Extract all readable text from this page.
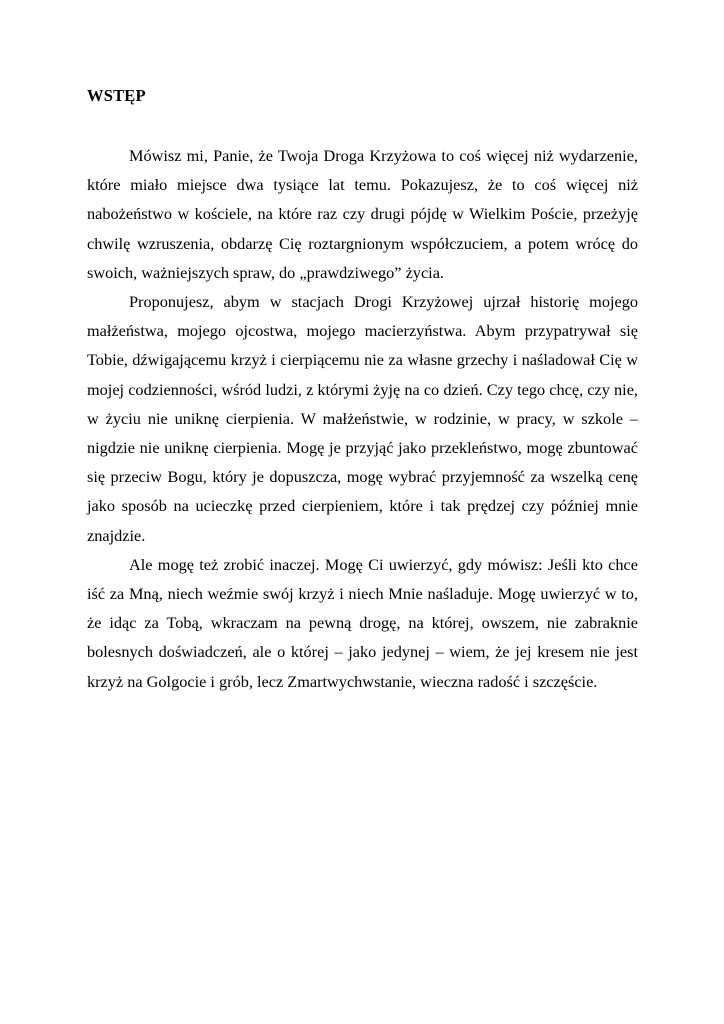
WSTĘP

Mówisz mi, Panie, że Twoja Droga Krzyżowa to coś więcej niż wydarzenie, które miało miejsce dwa tysiące lat temu. Pokazujesz, że to coś więcej niż nabożeństwo w kościele, na które raz czy drugi pójdę w Wielkim Poście, przeżyję chwilę wzruszenia, obdarzę Cię roztargnionym współczuciem, a potem wrócę do swoich, ważniejszych spraw, do „prawdziwego” życia.

Proponujesz, abym w stacjach Drogi Krzyżowej ujrzał historię mojego małżeństwa, mojego ojcostwa, mojego macierzyństwa. Abym przypatrywał się Tobie, dźwigającemu krzyż i cierpiącemu nie za własne grzechy i naśladował Cię w mojej codzienności, wśród ludzi, z którymi żyję na co dzień. Czy tego chcę, czy nie, w życiu nie uniknę cierpienia. W małżeństwie, w rodzinie, w pracy, w szkole – nigdzie nie uniknę cierpienia. Mogę je przyjąć jako przekleństwo, mogę zbuntować się przeciw Bogu, który je dopuszcza, mogę wybrać przyjemność za wszelką cenę jako sposób na ucieczkę przed cierpieniem, które i tak prędzej czy później mnie znajdzie.

Ale mogę też zrobić inaczej. Mogę Ci uwierzyć, gdy mówisz: Jeśli kto chce iść za Mną, niech weźmie swój krzyż i niech Mnie naśladuje. Mogę uwierzyć w to, że idąc za Tobą, wkraczam na pewną drogę, na której, owszem, nie zabraknie bolesnych doświadczeń, ale o której – jako jedynej – wiem, że jej kresem nie jest krzyż na Golgocie i grób, lecz Zmartwychwstanie, wieczna radość i szczęście.
